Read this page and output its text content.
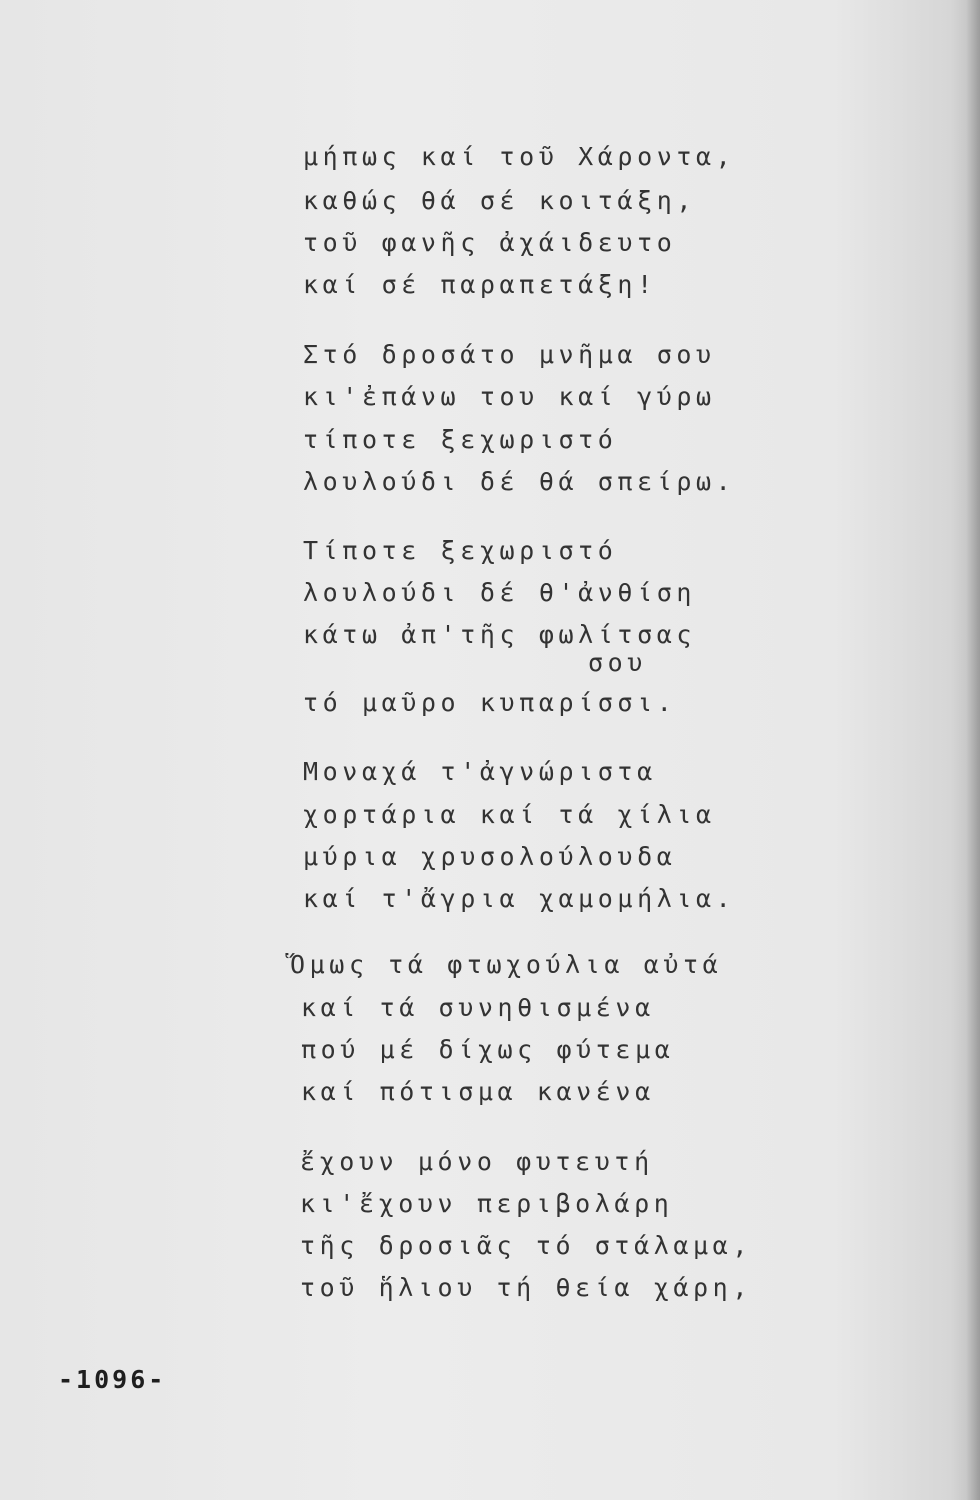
μήπως καί τοῦ Χάροντα,
καθώς θά σέ κοιτάξη,
τοῦ φανῆς ἀχάιδευτο
καί σέ παραπετάξη!
Στό δροσάτο μνῆμα σου
κι'ἐπάνω του καί γύρω
τίποτε ξεχωριστό
λουλούδι δέ θά σπείρω.
Τίποτε ξεχωριστό
λουλούδι δέ θ'ἀνθίση
κάτω ἀπ'τῆς φωλίτσας
σου
τό μαῦρο κυπαρίσσι.
Μοναχά τ'ἀγνώριστα
χορτάρια καί τά χίλια
μύρια χρυσολούλουδα
καί τ'ἄγρια χαμομήλια.
Ὅμως τά φτωχούλια αὐτά
καί τά συνηθισμένα
πού μέ δίχως φύτεμα
καί πότισμα κανένα
ἔχουν μόνο φυτευτή
κι'ἔχουν περιβολάρη
τῆς δροσιᾶς τό στάλαμα,
τοῦ ἥλιου τή θεία χάρη,
-1096-
